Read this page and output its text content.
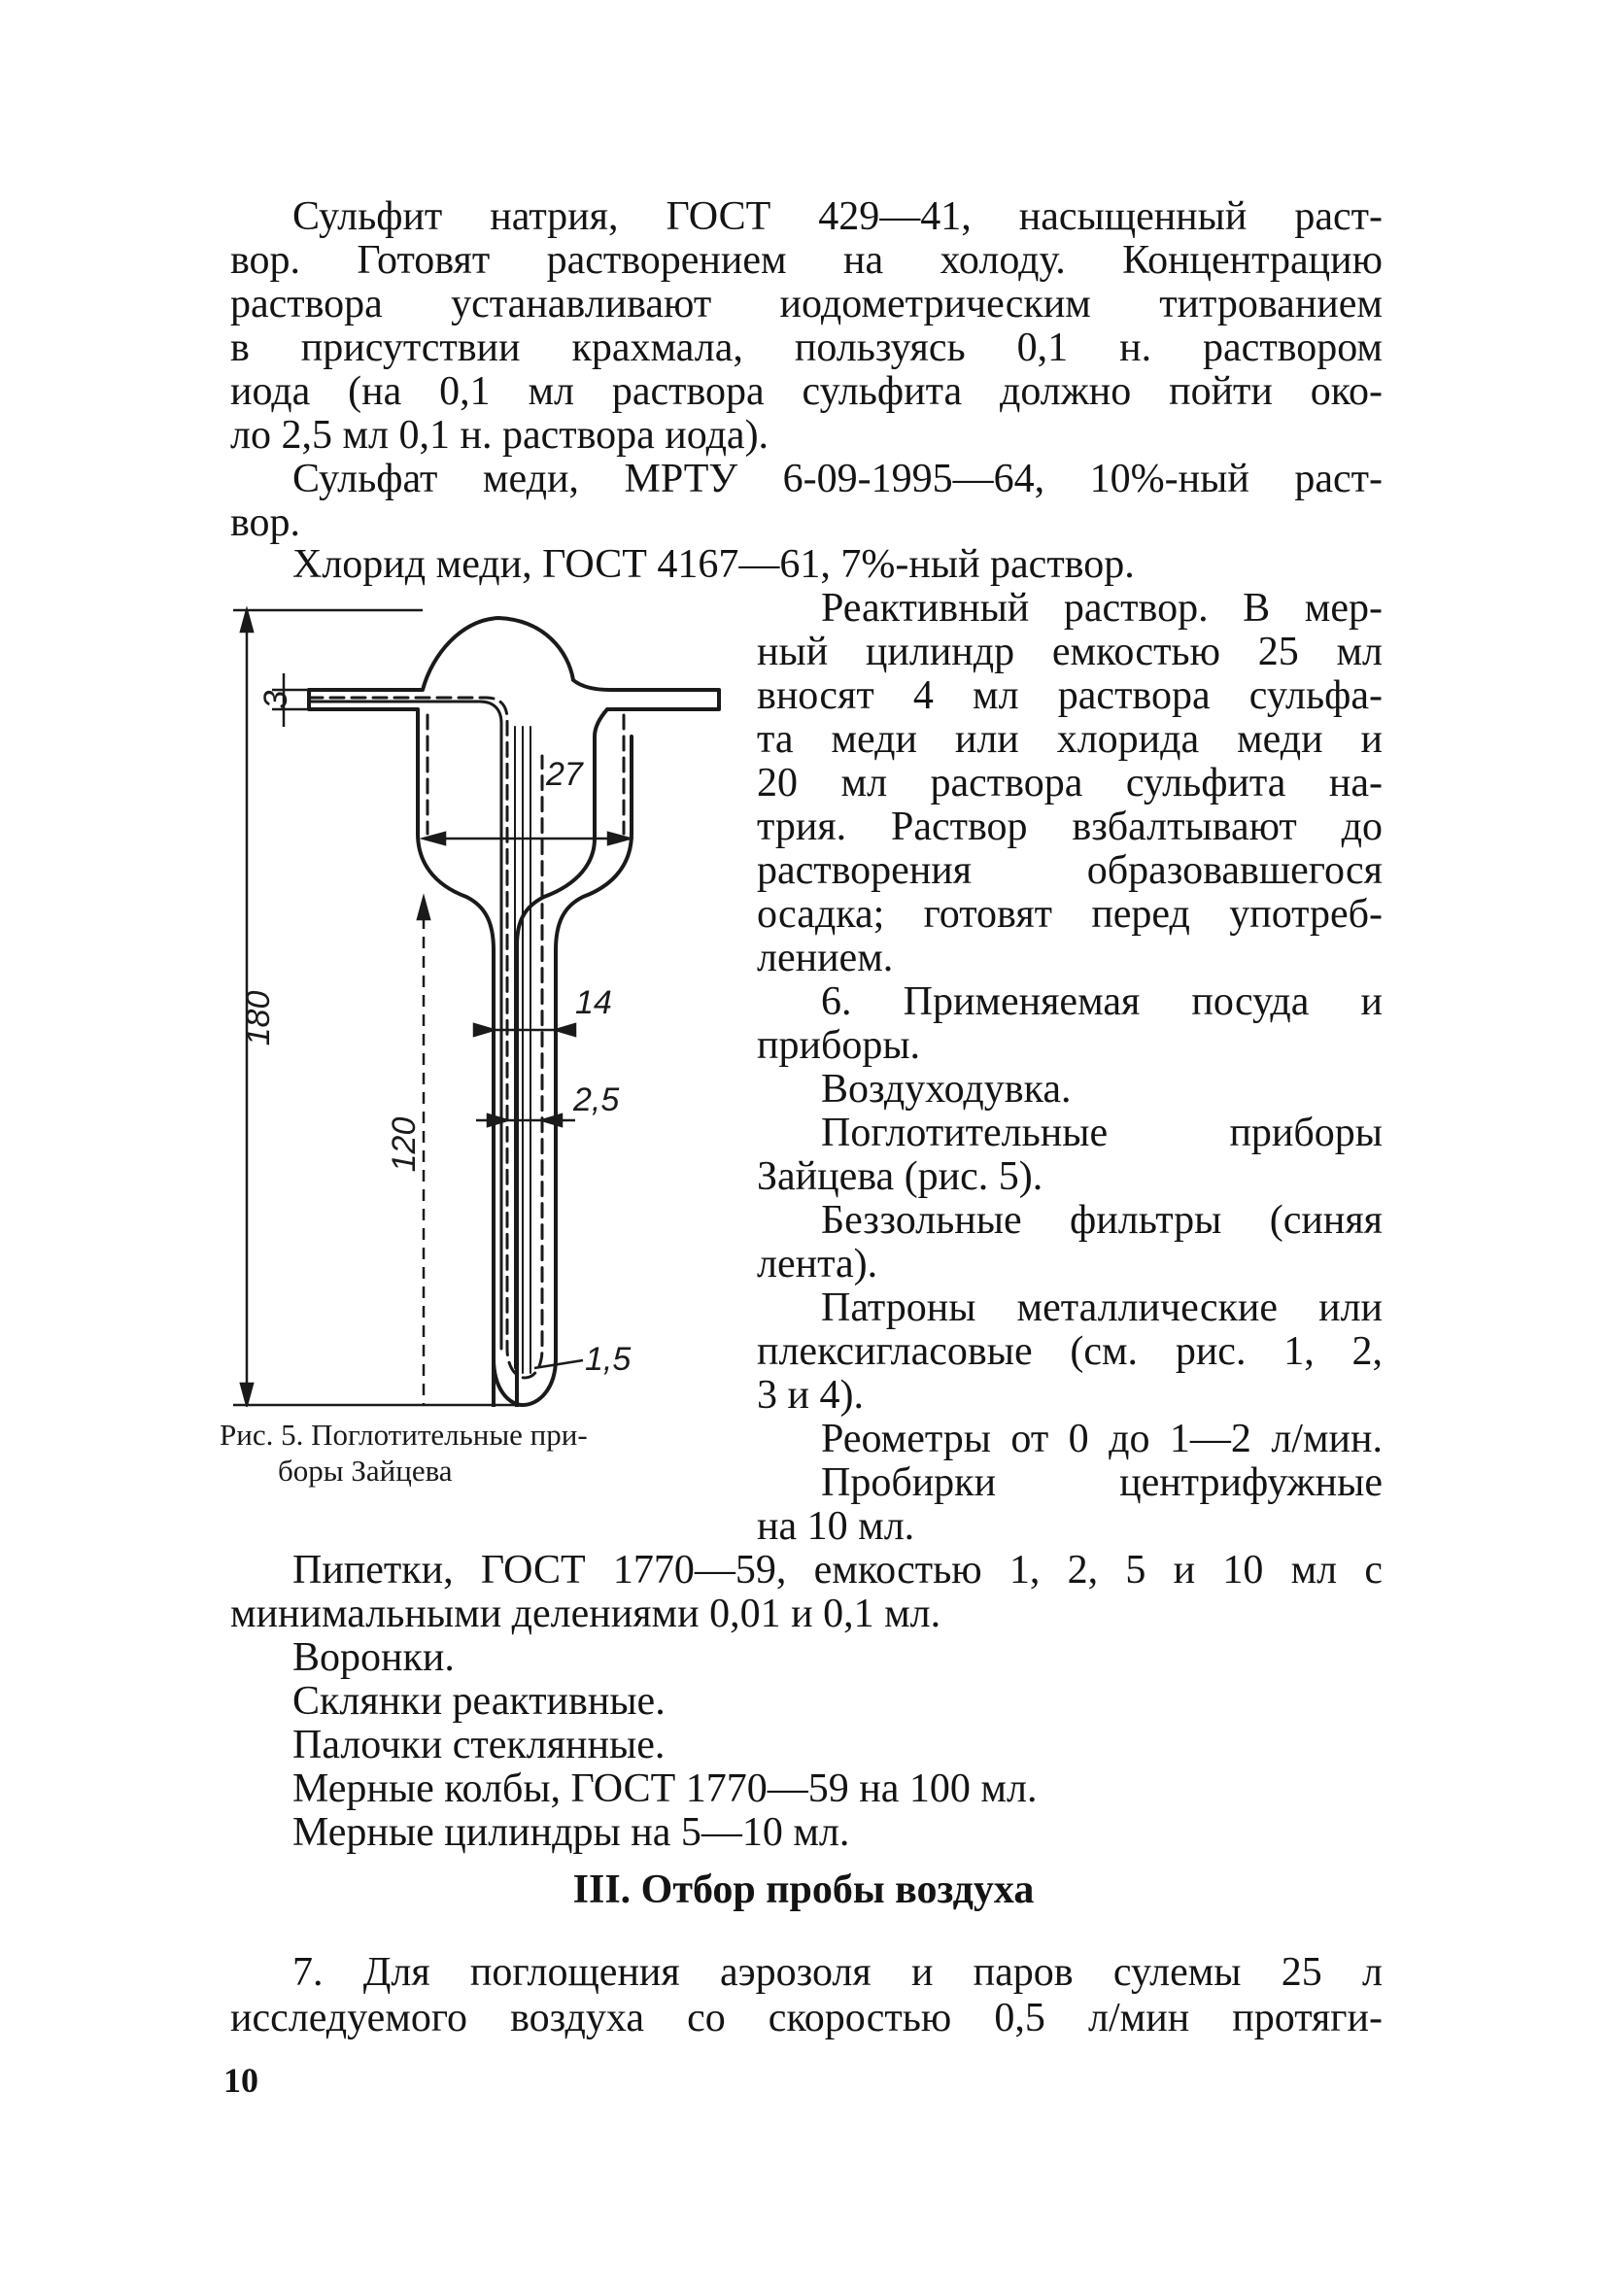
Сульфит натрия, ГОСТ 429—41, насыщенный раст-
вор. Готовят растворением на холоду. Концентрацию
раствора устанавливают иодометрическим титрованием
в присутствии крахмала, пользуясь 0,1 н. раствором
иода (на 0,1 мл раствора сульфита должно пойти око-
ло 2,5 мл 0,1 н. раствора иода).
Сульфат меди, МРТУ 6-09-1995—64, 10%-ный раст-
вор.
Хлорид меди, ГОСТ 4167—61, 7%-ный раствор.
Реактивный раствор. В мер-
ный цилиндр емкостью 25 мл
вносят 4 мл раствора сульфа-
та меди или хлорида меди и
20 мл раствора сульфита на-
трия. Раствор взбалтывают до
растворения образовавшегося
осадка; готовят перед употреб-
лением.
6. Применяемая посуда и
приборы.
Воздуходувка.
Поглотительные приборы
Зайцева (рис. 5).
Беззольные фильтры (синяя
лента).
Патроны металлические или
плексигласовые (см. рис. 1, 2,
3 и 4).
Реометры от 0 до 1—2 л/мин.
Пробирки центрифужные
на 10 мл.
3
27
180	14
120
2,5
1,5
Рис. 5. Поглотительные при-
боры Зайцева
Пипетки, ГОСТ 1770—59, емкостью 1, 2, 5 и 10 мл с
минимальными делениями 0,01 и 0,1 мл.
Воронки.
Склянки реактивные.
Палочки стеклянные.
Мерные колбы, ГОСТ 1770—59 на 100 мл.
Мерные цилиндры на 5—10 мл.
III. Отбор пробы воздуха
7. Для поглощения аэрозоля и паров сулемы 25 л
исследуемого воздуха со скоростью 0,5 л/мин протяги-
10
